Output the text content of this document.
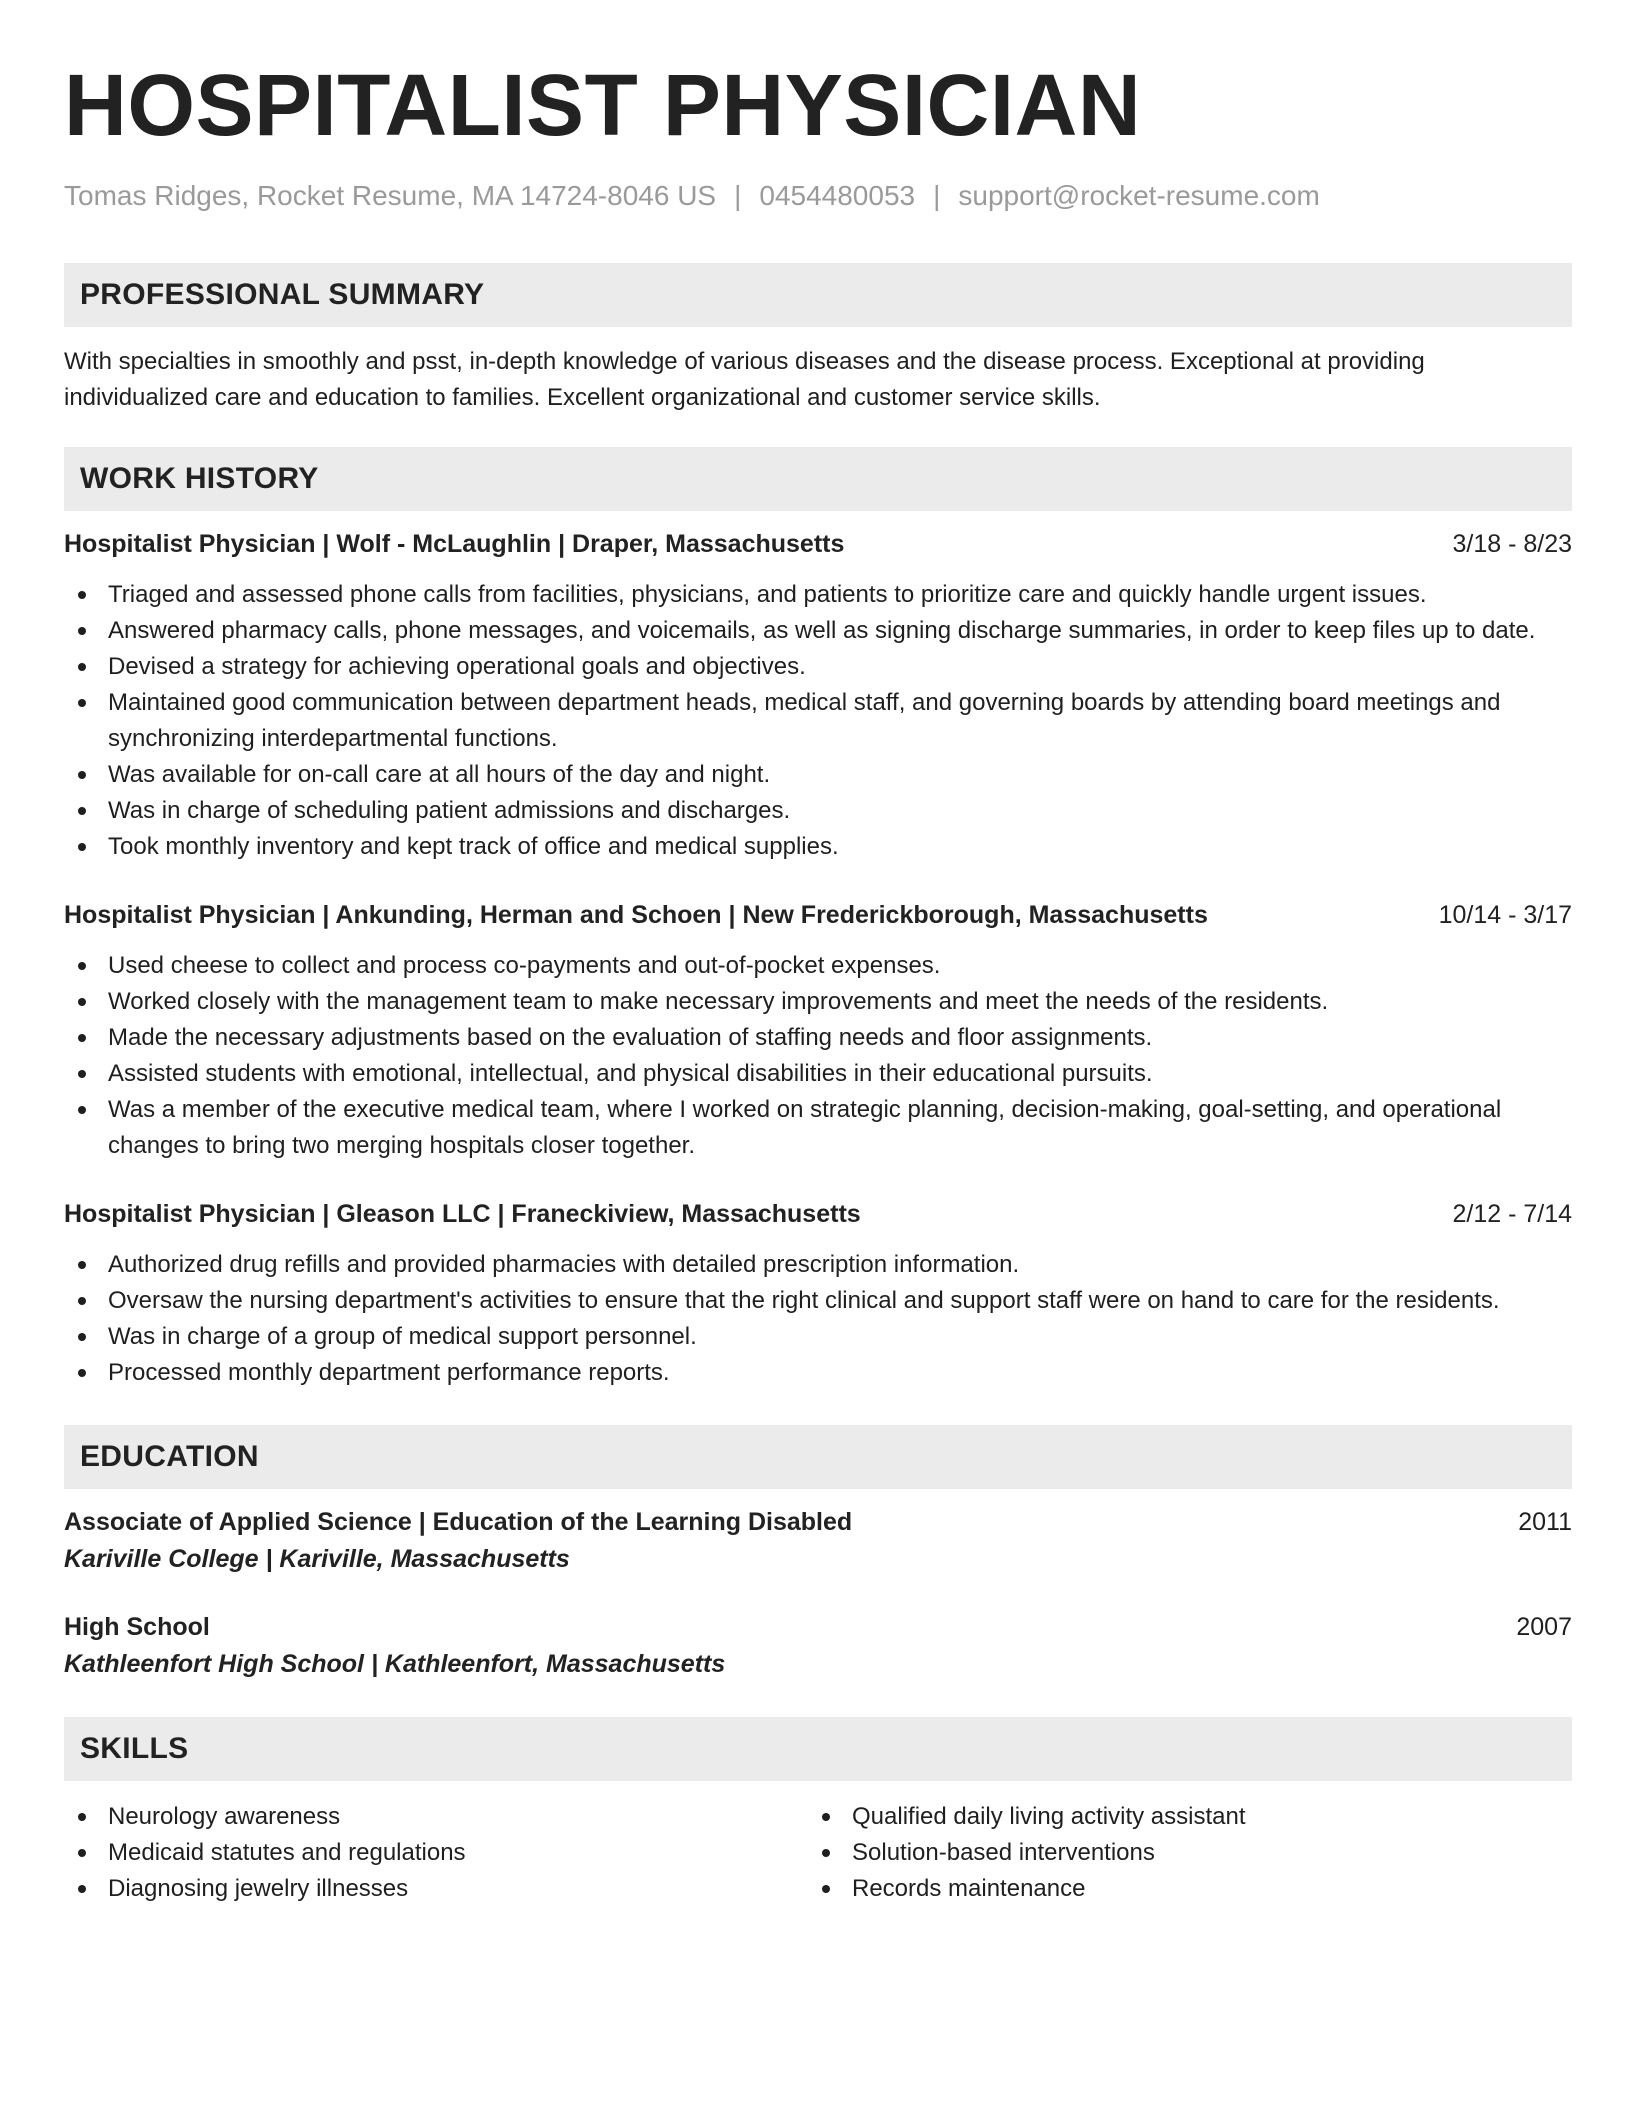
HOSPITALIST PHYSICIAN
Tomas Ridges, Rocket Resume, MA 14724-8046 US | 0454480053 | support@rocket-resume.com
PROFESSIONAL SUMMARY
With specialties in smoothly and psst, in-depth knowledge of various diseases and the disease process. Exceptional at providing individualized care and education to families. Excellent organizational and customer service skills.
WORK HISTORY
Hospitalist Physician | Wolf - McLaughlin | Draper, Massachusetts	3/18 - 8/23
Triaged and assessed phone calls from facilities, physicians, and patients to prioritize care and quickly handle urgent issues.
Answered pharmacy calls, phone messages, and voicemails, as well as signing discharge summaries, in order to keep files up to date.
Devised a strategy for achieving operational goals and objectives.
Maintained good communication between department heads, medical staff, and governing boards by attending board meetings and synchronizing interdepartmental functions.
Was available for on-call care at all hours of the day and night.
Was in charge of scheduling patient admissions and discharges.
Took monthly inventory and kept track of office and medical supplies.
Hospitalist Physician | Ankunding, Herman and Schoen | New Frederickborough, Massachusetts	10/14 - 3/17
Used cheese to collect and process co-payments and out-of-pocket expenses.
Worked closely with the management team to make necessary improvements and meet the needs of the residents.
Made the necessary adjustments based on the evaluation of staffing needs and floor assignments.
Assisted students with emotional, intellectual, and physical disabilities in their educational pursuits.
Was a member of the executive medical team, where I worked on strategic planning, decision-making, goal-setting, and operational changes to bring two merging hospitals closer together.
Hospitalist Physician | Gleason LLC | Franeckiview, Massachusetts	2/12 - 7/14
Authorized drug refills and provided pharmacies with detailed prescription information.
Oversaw the nursing department's activities to ensure that the right clinical and support staff were on hand to care for the residents.
Was in charge of a group of medical support personnel.
Processed monthly department performance reports.
EDUCATION
Associate of Applied Science | Education of the Learning Disabled	2011
Kariville College | Kariville, Massachusetts
High School	2007
Kathleenfort High School | Kathleenfort, Massachusetts
SKILLS
Neurology awareness
Medicaid statutes and regulations
Diagnosing jewelry illnesses
Qualified daily living activity assistant
Solution-based interventions
Records maintenance
